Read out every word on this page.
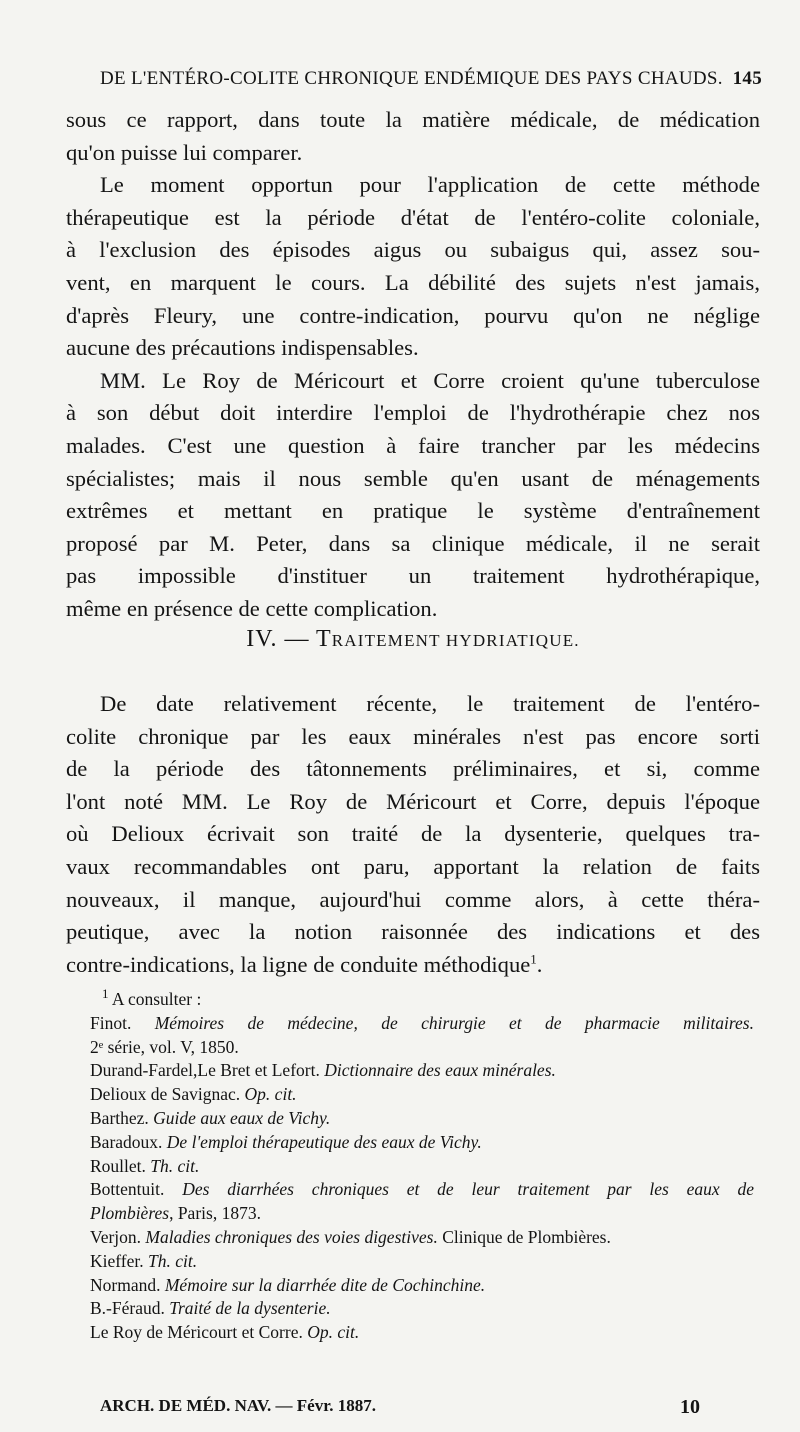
DE L'ENTÉRO-COLITE CHRONIQUE ENDÉMIQUE DES PAYS CHAUDS. 145
sous ce rapport, dans toute la matière médicale, de médication
qu'on puisse lui comparer.
Le moment opportun pour l'application de cette méthode
thérapeutique est la période d'état de l'entéro-colite coloniale,
à l'exclusion des épisodes aigus ou subaigus qui, assez sou-
vent, en marquent le cours. La débilité des sujets n'est jamais,
d'après Fleury, une contre-indication, pourvu qu'on ne néglige
aucune des précautions indispensables.
MM. Le Roy de Méricourt et Corre croient qu'une tuberculose
à son début doit interdire l'emploi de l'hydrothérapie chez nos
malades. C'est une question à faire trancher par les médecins
spécialistes; mais il nous semble qu'en usant de ménagements
extrêmes et mettant en pratique le système d'entraînement
proposé par M. Peter, dans sa clinique médicale, il ne serait
pas impossible d'instituer un traitement hydrothérapique,
même en présence de cette complication.
IV. — TRAITEMENT HYDRIATIQUE.
De date relativement récente, le traitement de l'entéro-
colite chronique par les eaux minérales n'est pas encore sorti
de la période des tâtonnements préliminaires, et si, comme
l'ont noté MM. Le Roy de Méricourt et Corre, depuis l'époque
où Delioux écrivait son traité de la dysenterie, quelques tra-
vaux recommandables ont paru, apportant la relation de faits
nouveaux, il manque, aujourd'hui comme alors, à cette théra-
peutique, avec la notion raisonnée des indications et des
contre-indications, la ligne de conduite méthodique$^1$.
$^1$ A consulter :
Finot. Mémoires de médecine, de chirurgie et de pharmacie militaires.
2ᵉ série, vol. V, 1850.
Durand-Fardel,Le Bret et Lefort. Dictionnaire des eaux minérales.
Delioux de Savignac. Op. cit.
Barthez. Guide aux eaux de Vichy.
Baradoux. De l'emploi thérapeutique des eaux de Vichy.
Roullet. Th. cit.
Bottentuit. Des diarrhées chroniques et de leur traitement par les eaux de
Plombières, Paris, 1873.
Verjon. Maladies chroniques des voies digestives. Clinique de Plombières.
Kieffer. Th. cit.
Normand. Mémoire sur la diarrhée dite de Cochinchine.
B.-Féraud. Traité de la dysenterie.
Le Roy de Méricourt et Corre. Op. cit.
ARCH. DE MÉD. NAV. — Févr. 1887.	10
